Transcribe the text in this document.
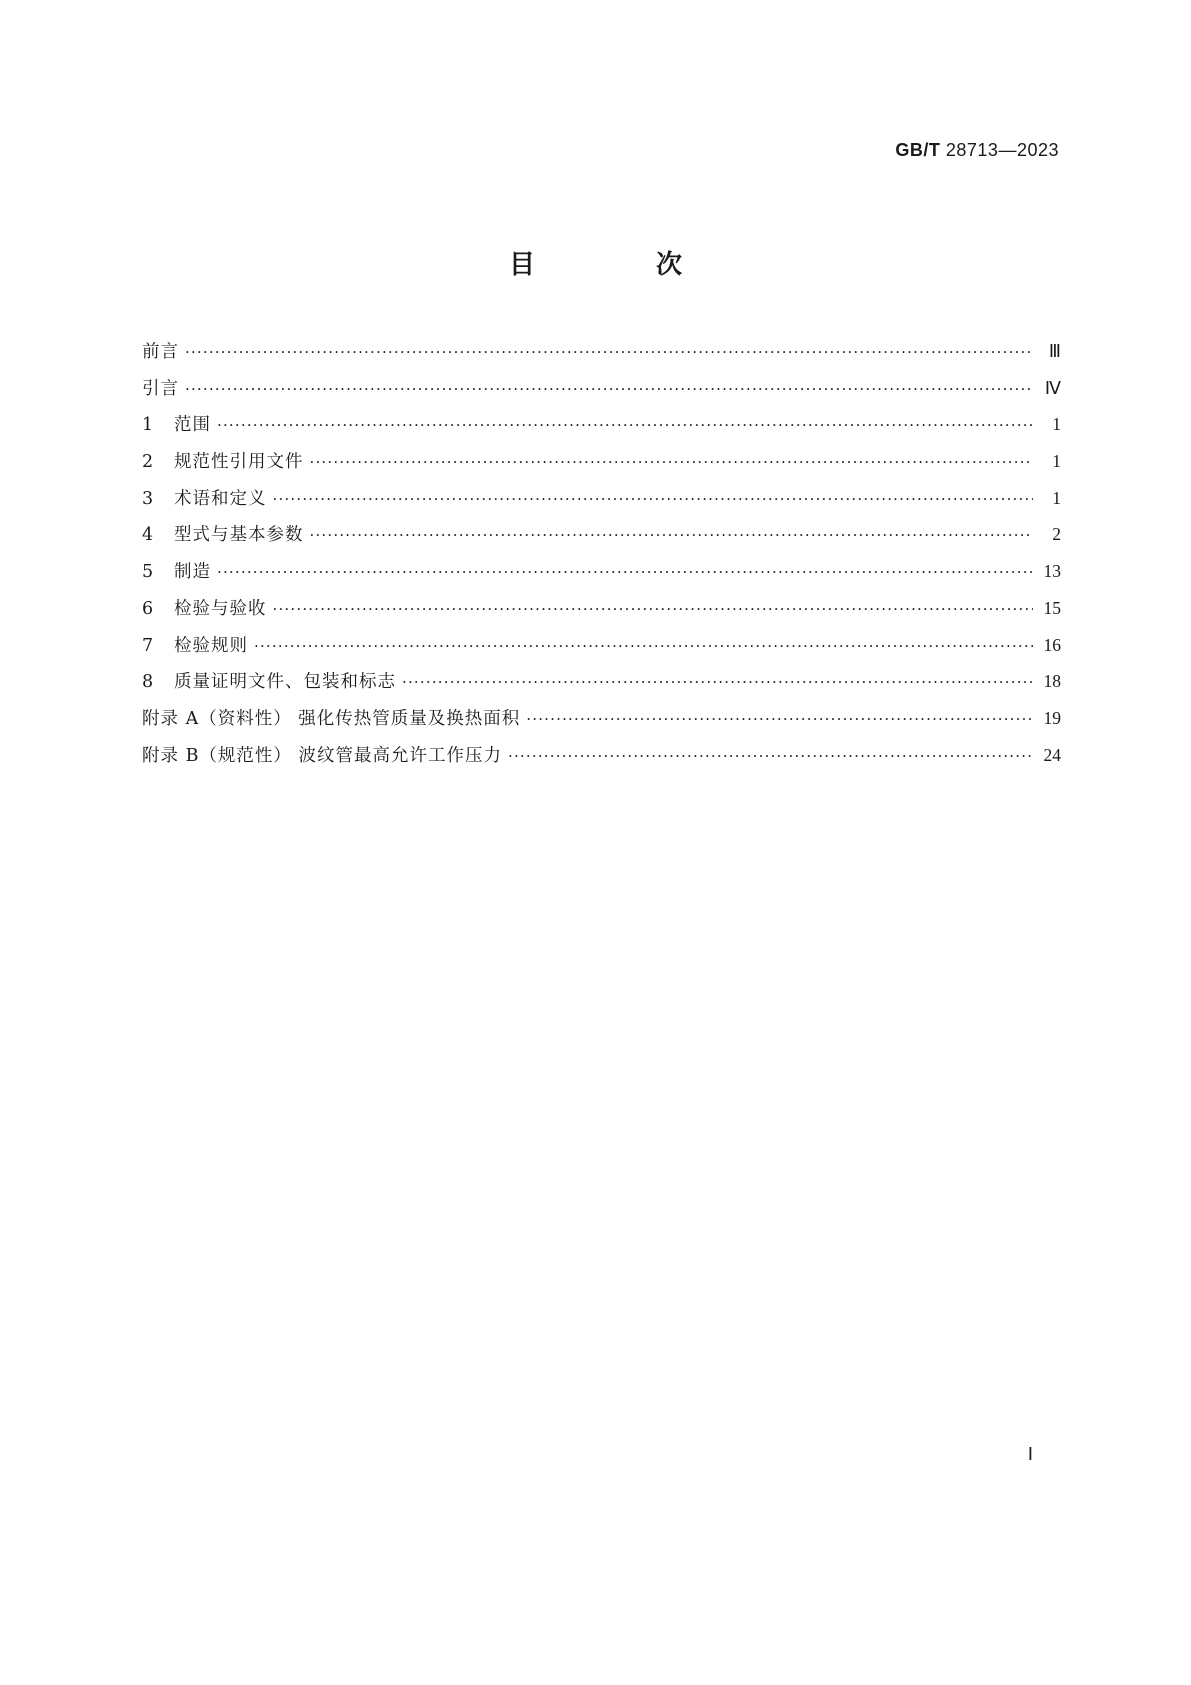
GB/T 28713—2023
目 次
前言 ·····	Ⅲ
引言 ·····	Ⅳ
1	范围 ·····	1
2	规范性引用文件 ·····	1
3	术语和定义 ·····	1
4	型式与基本参数 ·····	2
5	制造 ·····	13
6	检验与验收 ·····	15
7	检验规则 ·····	16
8	质量证明文件、包装和标志 ·····	18
附录 A（资料性） 强化传热管质量及换热面积 ·····	19
附录 B（规范性） 波纹管最高允许工作压力 ·····	24
Ⅰ
